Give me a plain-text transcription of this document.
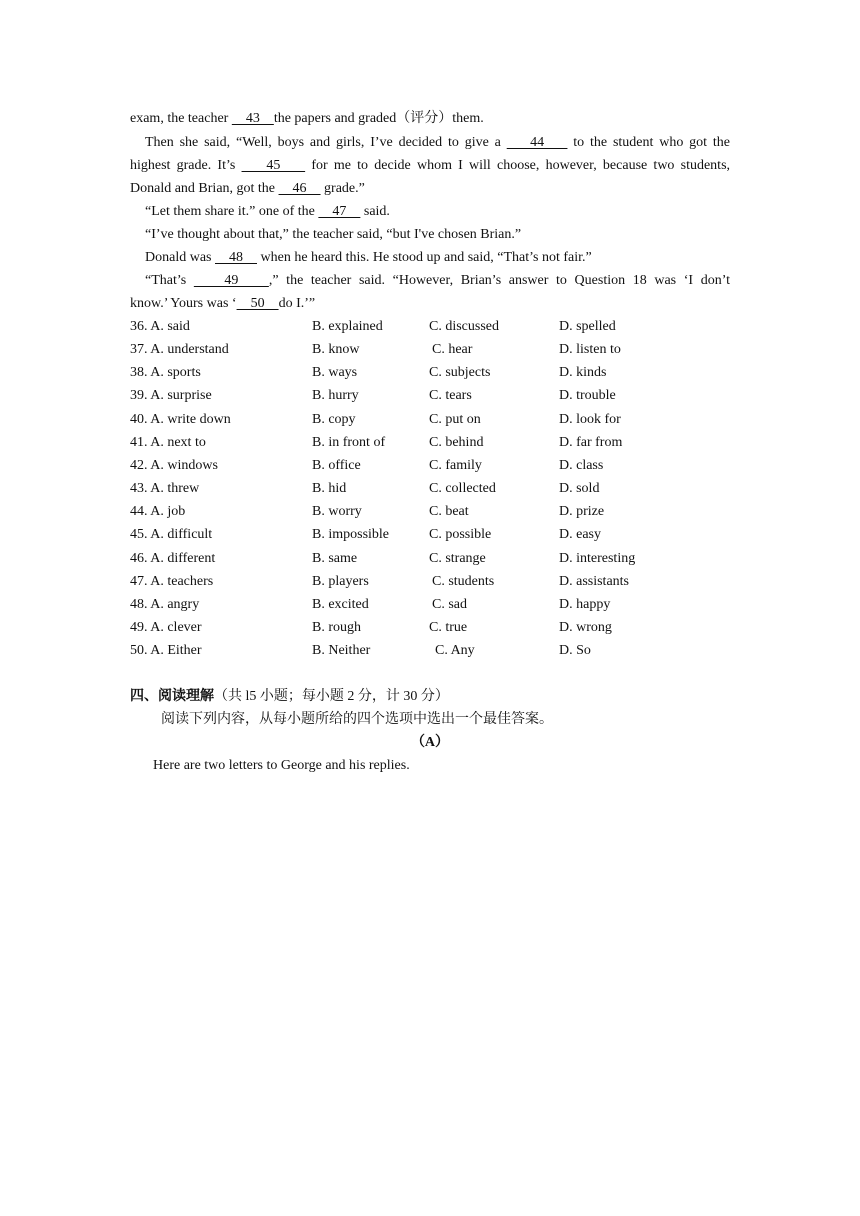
exam, the teacher     43    the papers and graded（评分）them.
Then she said, “Well, boys and girls, I’ve decided to give a     44     to the student who got the
highest grade. It’s     45     for me to decide whom I will choose, however, because two students,
Donald and Brian, got the     46     grade.”
“Let them share it.” one of the     47     said.
“I’ve thought about that,” the teacher said, “but I've chosen Brian.”
Donald was     48     when he heard this. He stood up and said, “That’s not fair.”
“That’s     49    ,” the teacher said. “However, Brian’s answer to Question 18 was ‘I don’t
know.’ Yours was ‘    50    do I.’”
36. A. said	B. explained	C. discussed	D. spelled
37. A. understand	B. know	C. hear	D. listen to
38. A. sports	B. ways	C. subjects	D. kinds
39. A. surprise	B. hurry	C. tears	D. trouble
40. A. write down	B. copy	C. put on	D. look for
41. A. next to	B. in front of	C. behind	D. far from
42. A. windows	B. office	C. family	D. class
43. A. threw	B. hid	C. collected	D. sold
44. A. job	B. worry	C. beat	D. prize
45. A. difficult	B. impossible	C. possible	D. easy
46. A. different	B. same	C. strange	D. interesting
47. A. teachers	B. players	C. students	D. assistants
48. A. angry	B. excited	C. sad	D. happy
49. A. clever	B. rough	C. true	D. wrong
50. A. Either	B. Neither	C. Any	D. So
四、阅读理解（共 l5 小题；每小题 2 分，计 30 分）
阅读下列内容，从每小题所给的四个选项中选出一个最佳答案。
（A）
Here are two letters to George and his replies.
